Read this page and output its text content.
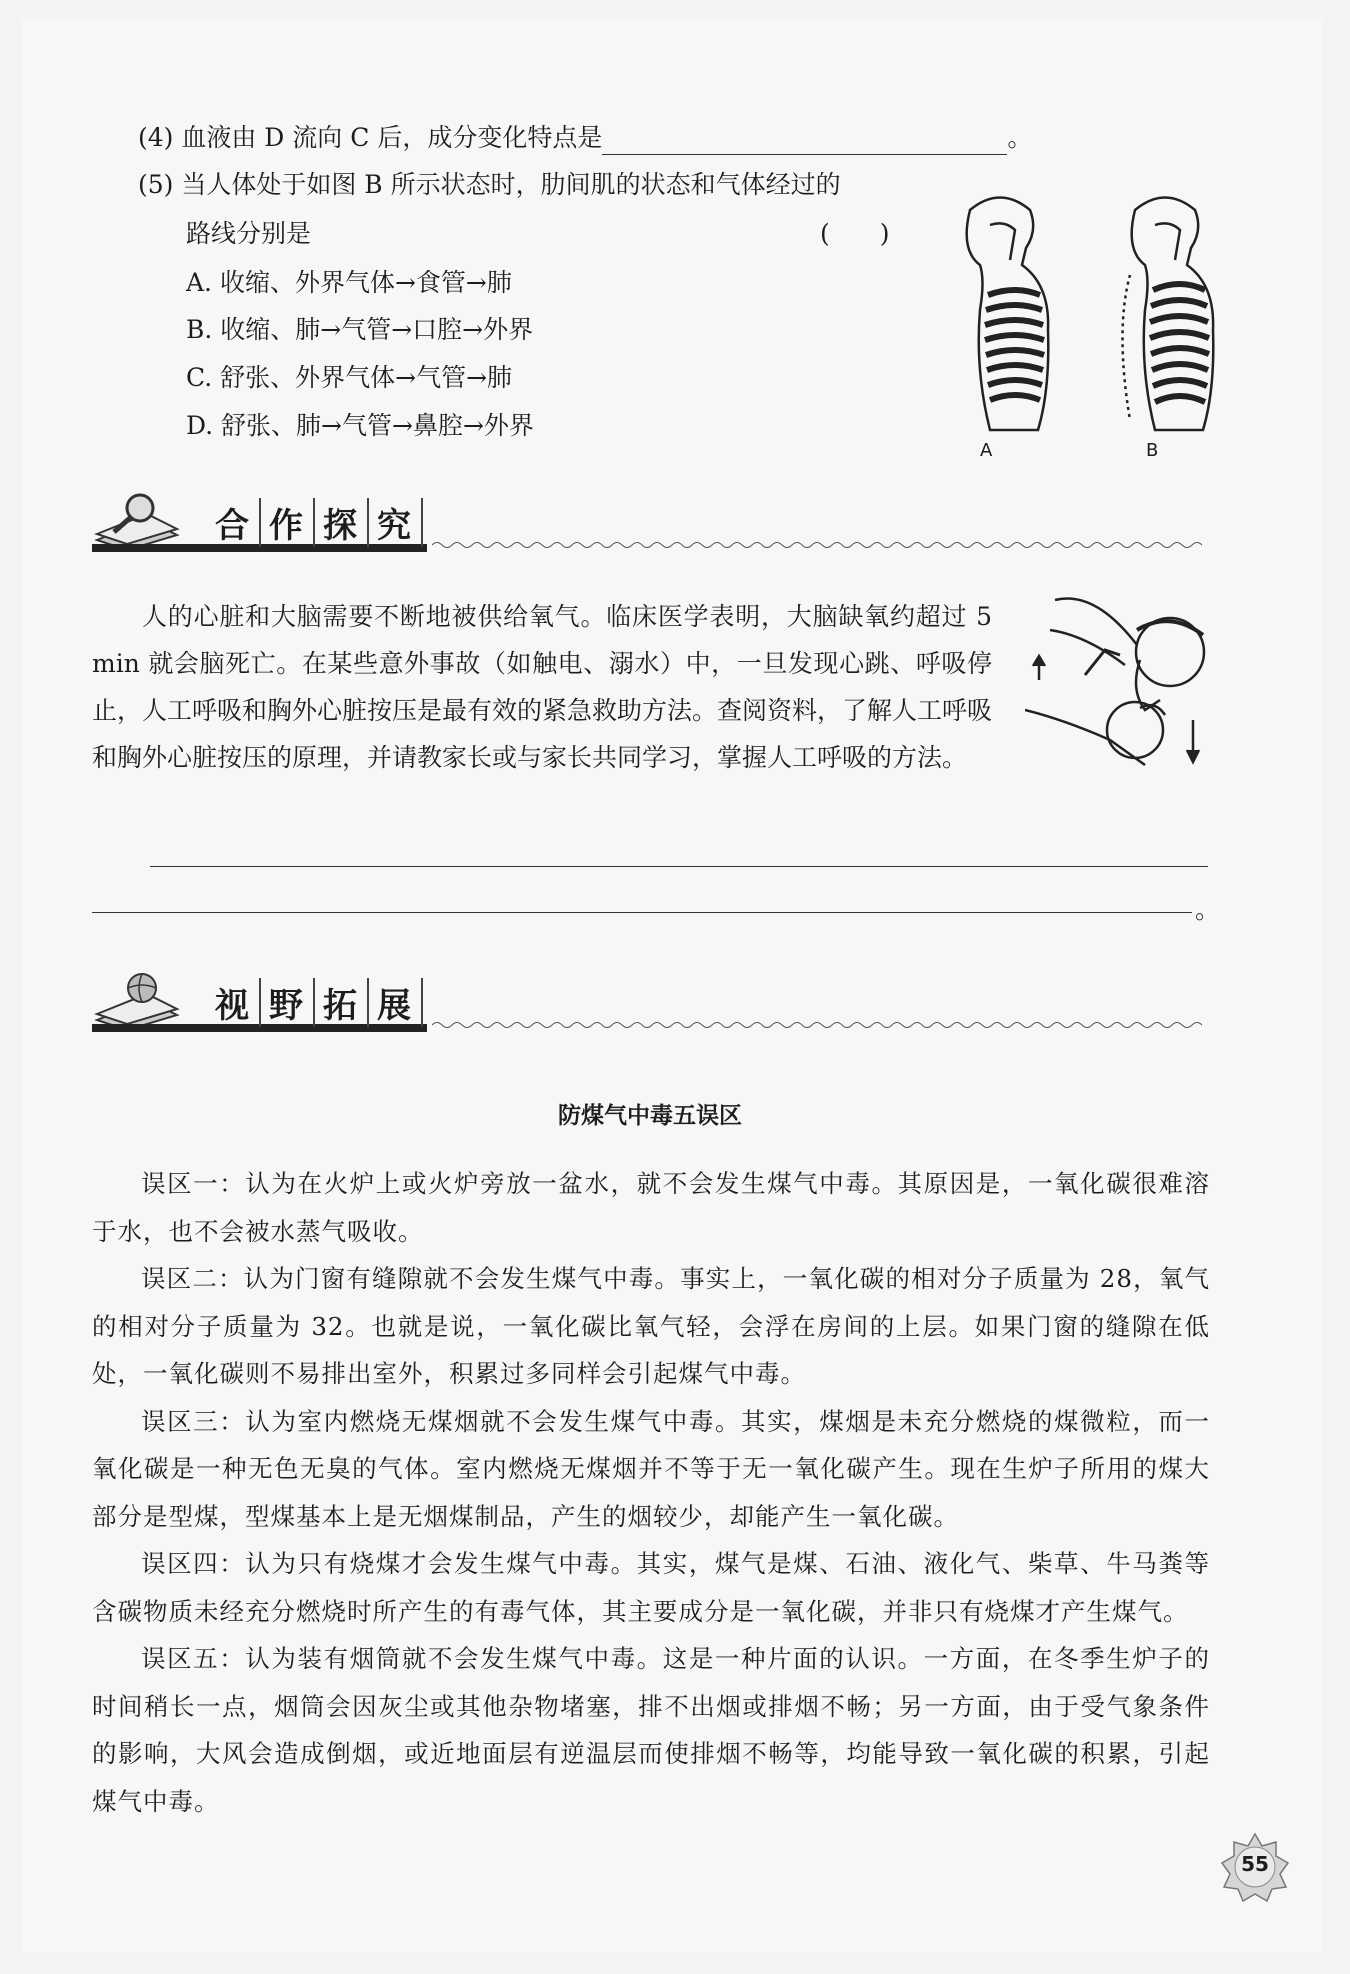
(4) 血液由 D 流向 C 后，成分变化特点是	。
(5) 当人体处于如图 B 所示状态时，肋间肌的状态和气体经过的
路线分别是	(　　)
A. 收缩、外界气体→食管→肺
B. 收缩、肺→气管→口腔→外界
C. 舒张、外界气体→气管→肺
D. 舒张、肺→气管→鼻腔→外界
A	B
合 作 探 究
人的心脏和大脑需要不断地被供给氧气。临床医学表明，大脑缺氧约超过 5 min 就会脑死亡。在某些意外事故（如触电、溺水）中，一旦发现心跳、呼吸停止，人工呼吸和胸外心脏按压是最有效的紧急救助方法。查阅资料，了解人工呼吸和胸外心脏按压的原理，并请教家长或与家长共同学习，掌握人工呼吸的方法。
。
视 野 拓 展
防煤气中毒五误区
误区一：认为在火炉上或火炉旁放一盆水，就不会发生煤气中毒。其原因是，一氧化碳很难溶于水，也不会被水蒸气吸收。
误区二：认为门窗有缝隙就不会发生煤气中毒。事实上，一氧化碳的相对分子质量为 28，氧气的相对分子质量为 32。也就是说，一氧化碳比氧气轻，会浮在房间的上层。如果门窗的缝隙在低处，一氧化碳则不易排出室外，积累过多同样会引起煤气中毒。
误区三：认为室内燃烧无煤烟就不会发生煤气中毒。其实，煤烟是未充分燃烧的煤微粒，而一氧化碳是一种无色无臭的气体。室内燃烧无煤烟并不等于无一氧化碳产生。现在生炉子所用的煤大部分是型煤，型煤基本上是无烟煤制品，产生的烟较少，却能产生一氧化碳。
误区四：认为只有烧煤才会发生煤气中毒。其实，煤气是煤、石油、液化气、柴草、牛马粪等含碳物质未经充分燃烧时所产生的有毒气体，其主要成分是一氧化碳，并非只有烧煤才产生煤气。
误区五：认为装有烟筒就不会发生煤气中毒。这是一种片面的认识。一方面，在冬季生炉子的时间稍长一点，烟筒会因灰尘或其他杂物堵塞，排不出烟或排烟不畅；另一方面，由于受气象条件的影响，大风会造成倒烟，或近地面层有逆温层而使排烟不畅等，均能导致一氧化碳的积累，引起煤气中毒。
55
